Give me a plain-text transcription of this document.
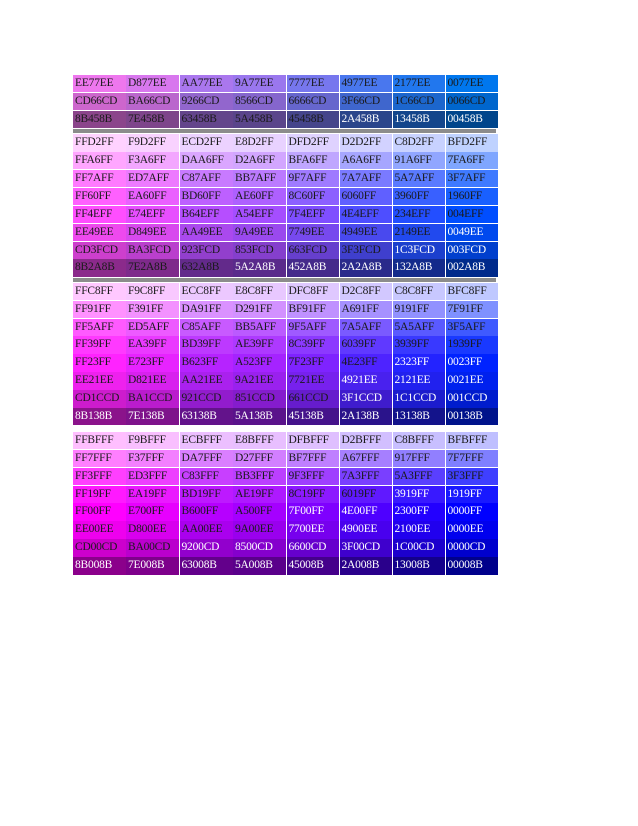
EE77EE	D877EE	AA77EE	9A77EE	7777EE	4977EE	2177EE	0077EE
CD66CD BA66CD 9266CD	8566CD	6666CD	3F66CD	1C66CD	0066CD
8B458B	7E458B	63458B	5A458B	45458B	2A458B	13458B	00458B
FFD2FF	F9D2FF	ECD2FF	E8D2FF	DFD2FF	D2D2FF	C8D2FF	BFD2FF
FFA6FF	F3A6FF	DAA6FF D2A6FF	BFA6FF	A6A6FF	91A6FF	7FA6FF
FF7AFF	ED7AFF	C87AFF	BB7AFF	9F7AFF	7A7AFF	5A7AFF	3F7AFF
FF60FF	EA60FF	BD60FF	AE60FF	8C60FF	6060FF	3960FF	1960FF
FF4EFF	E74EFF	B64EFF	A54EFF	7F4EFF	4E4EFF	234EFF	004EFF
EE49EE	D849EE	AA49EE	9A49EE	7749EE	4949EE	2149EE	0049EE
CD3FCD BA3FCD 923FCD	853FCD	663FCD	3F3FCD	1C3FCD	003FCD
8B2A8B	7E2A8B	632A8B	5A2A8B	452A8B	2A2A8B	132A8B	002A8B
FFC8FF	F9C8FF	ECC8FF	E8C8FF	DFC8FF	D2C8FF	C8C8FF	BFC8FF
FF91FF	F391FF	DA91FF	D291FF	BF91FF	A691FF	9191FF	7F91FF
FF5AFF	ED5AFF	C85AFF	BB5AFF	9F5AFF	7A5AFF	5A5AFF	3F5AFF
FF39FF	EA39FF	BD39FF	AE39FF	8C39FF	6039FF	3939FF	1939FF
FF23FF	E723FF	B623FF	A523FF	7F23FF	4E23FF	2323FF	0023FF
EE21EE	D821EE	AA21EE	9A21EE	7721EE	4921EE	2121EE	0021EE
CD1CCD BA1CCD 921CCD	851CCD	661CCD	3F1CCD	1C1CCD 001CCD
8B138B	7E138B	63138B	5A138B	45138B	2A138B	13138B	00138B
FFBFFF	F9BFFF	ECBFFF	E8BFFF	DFBFFF	D2BFFF	C8BFFF	BFBFFF
FF7FFF	F37FFF	DA7FFF	D27FFF	BF7FFF	A67FFF	917FFF	7F7FFF
FF3FFF	ED3FFF	C83FFF	BB3FFF	9F3FFF	7A3FFF	5A3FFF	3F3FFF
FF19FF	EA19FF	BD19FF	AE19FF	8C19FF	6019FF	3919FF	1919FF
FF00FF	E700FF	B600FF	A500FF	7F00FF	4E00FF	2300FF	0000FF
EE00EE	D800EE	AA00EE	9A00EE	7700EE	4900EE	2100EE	0000EE
CD00CD BA00CD 9200CD	8500CD	6600CD	3F00CD	1C00CD	0000CD
8B008B	7E008B	63008B	5A008B	45008B	2A008B	13008B	00008B
